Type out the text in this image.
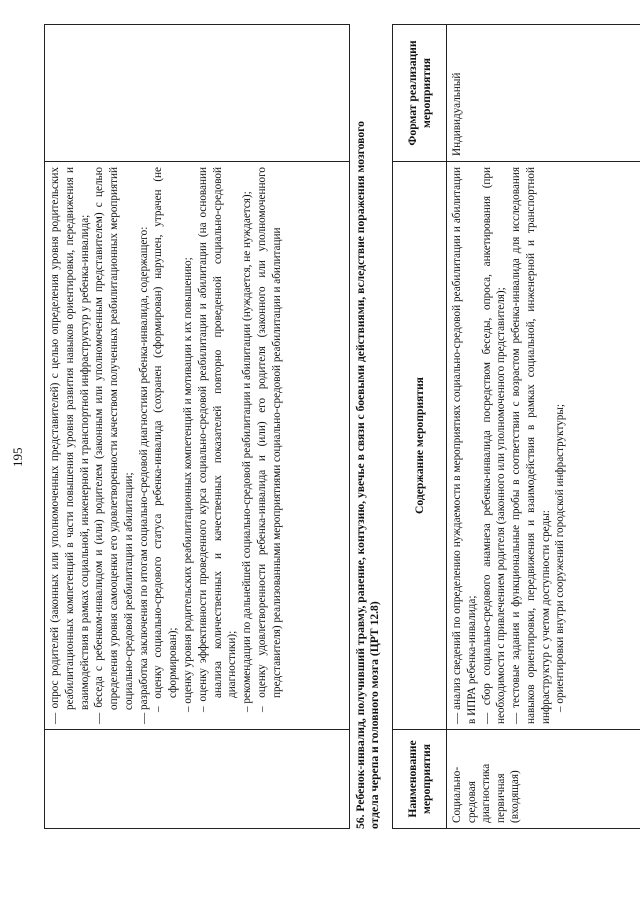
195 — опрос родителей (законных или уполномоченных представителей) с целью определения уровня родительских реабилитационных компетенций в части повышения уровня развития навыков ориентировки, передвижения и взаимодействия в рамках социальной, инженерной и транспортной инфраструктур у ребенка-инвалида; — беседа с ребенком-инвалидом и (или) родителем (законным или уполномоченным представителем) с целью определения уровня самооценки его удовлетворенности качеством полученных реабилитационных мероприятий социально-средовой реабилитации и абилитации; — разработка заключения по итогам социально-средовой диагностики ребенка-инвалида, содержащего: – оценку социально-средового статуса ребенка-инвалида (сохранен (сформирован) нарушен, утрачен (не сформирован); – оценку уровня родительских реабилитационных компетенций и мотивации к их повышению; – оценку эффективности проведенного курса социально-средовой реабилитации и абилитации (на основании анализа количественных и качественных показателей повторно проведенной социально-средовой диагностики); – рекомендации по дальнейшей социально-средовой реабилитации и абилитации (нуждается, не нуждается); – оценку удовлетворенности ребенка-инвалида и (или) его родителя (законного или уполномоченного представителя) реализованными мероприятиями социально-средовой реабилитации и абилитации	56. Ребенок-инвалид, получивший травму, ранение, контузию, увечье в связи с боевыми действиями, вследствие поражения мозгового отдела черепа и головного мозга (ЦРТ 12.8)	Наименование мероприятия
Содержание мероприятия
Формат реализации мероприятия
Социально-средовая диагностика первичная (входящая)

— анализ сведений по определению нуждаемости в мероприятиях социально-средовой реабилитации и абилитации в ИПРА ребенка-инвалида; — сбор социально-средового анамнеза ребенка-инвалида посредством беседы, опроса, анкетирования (при необходимости с привлечением родителя (законного или уполномоченного представителя); — тестовые задания и функциональные пробы в соответствии с возрастом ребенка-инвалида для исследования навыков ориентировки, передвижения и взаимодействия в рамках социальной, инженерной и транспортной инфраструктур с учетом доступности среды: – ориентировки внутри сооружений городской инфраструктуры;

Индивидуальный
